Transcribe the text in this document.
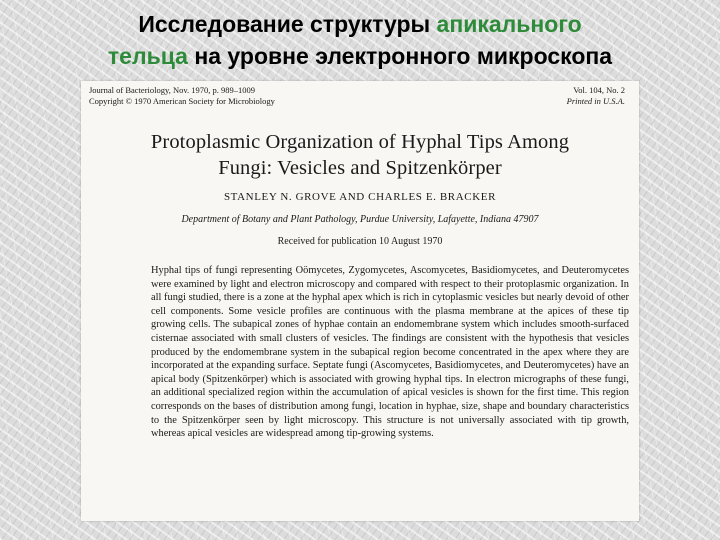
Исследование структуры апикального
тельца на уровне электронного микроскопа
Journal of Bacteriology, Nov. 1970, p. 989–1009	Vol. 104, No. 2
Copyright © 1970 American Society for Microbiology	Printed in U.S.A.
Protoplasmic Organization of Hyphal Tips Among
Fungi: Vesicles and Spitzenkörper
STANLEY N. GROVE AND CHARLES E. BRACKER
Department of Botany and Plant Pathology, Purdue University, Lafayette, Indiana 47907
Received for publication 10 August 1970

Hyphal tips of fungi representing Oömycetes, Zygomycetes, Ascomycetes, Basidiomycetes, and Deuteromycetes were examined by light and electron microscopy and compared with respect to their protoplasmic organization. In all fungi studied, there is a zone at the hyphal apex which is rich in cytoplasmic vesicles but nearly devoid of other cell components. Some vesicle profiles are continuous with the plasma membrane at the apices of these tip growing cells. The subapical zones of hyphae contain an endomembrane system which includes smooth-surfaced cisternae associated with small clusters of vesicles. The findings are consistent with the hypothesis that vesicles produced by the endomembrane system in the subapical region become concentrated in the apex where they are incorporated at the expanding surface. Septate fungi (Ascomycetes, Basidiomycetes, and Deuteromycetes) have an apical body (Spitzenkörper) which is associated with growing hyphal tips. In electron micrographs of these fungi, an additional specialized region within the accumulation of apical vesicles is shown for the first time. This region corresponds on the bases of distribution among fungi, location in hyphae, size, shape and boundary characteristics to the Spitzenkörper seen by light microscopy. This structure is not universally associated with tip growth, whereas apical vesicles are widespread among tip-growing systems.
